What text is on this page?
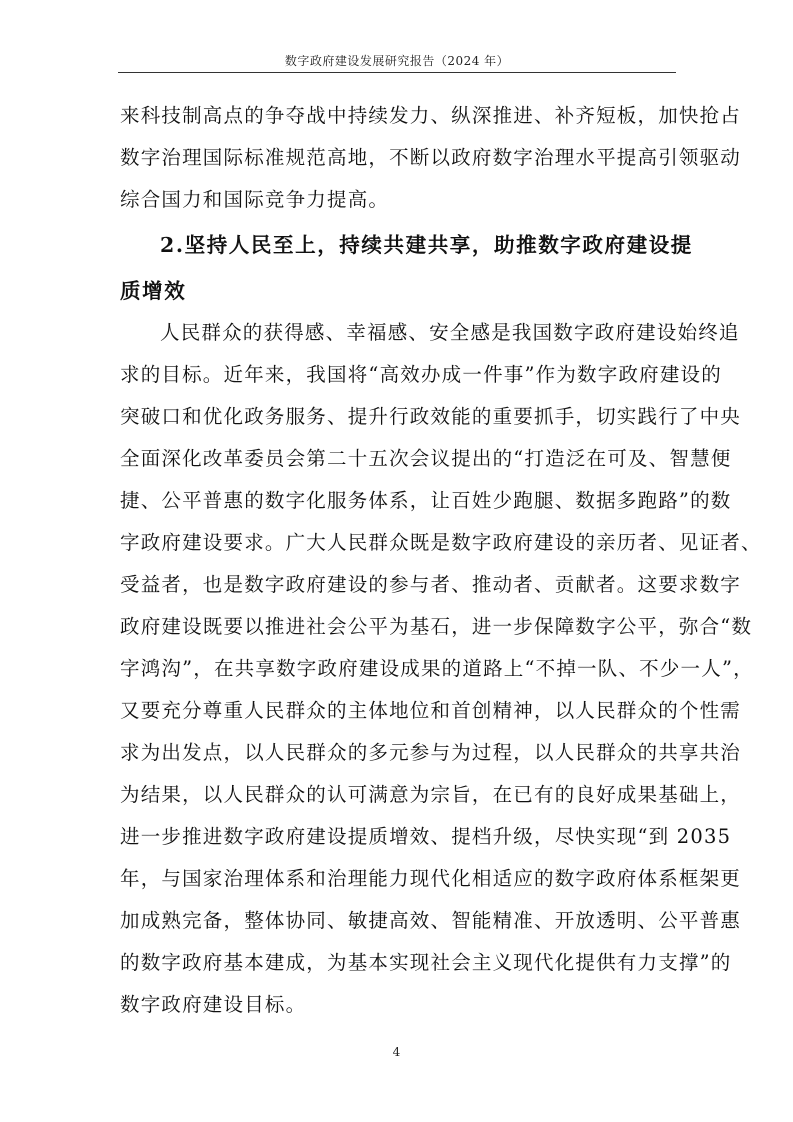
数字政府建设发展研究报告（2024 年）
来科技制高点的争夺战中持续发力、纵深推进、补齐短板，加快抢占
数字治理国际标准规范高地，不断以政府数字治理水平提高引领驱动
综合国力和国际竞争力提高。
2.坚持人民至上，持续共建共享，助推数字政府建设提
质增效
人民群众的获得感、幸福感、安全感是我国数字政府建设始终追
求的目标。近年来，我国将“高效办成一件事”作为数字政府建设的
突破口和优化政务服务、提升行政效能的重要抓手，切实践行了中央
全面深化改革委员会第二十五次会议提出的“打造泛在可及、智慧便
捷、公平普惠的数字化服务体系，让百姓少跑腿、数据多跑路”的数
字政府建设要求。广大人民群众既是数字政府建设的亲历者、见证者、
受益者，也是数字政府建设的参与者、推动者、贡献者。这要求数字
政府建设既要以推进社会公平为基石，进一步保障数字公平，弥合“数
字鸿沟”，在共享数字政府建设成果的道路上“不掉一队、不少一人”，
又要充分尊重人民群众的主体地位和首创精神，以人民群众的个性需
求为出发点，以人民群众的多元参与为过程，以人民群众的共享共治
为结果，以人民群众的认可满意为宗旨，在已有的良好成果基础上，
进一步推进数字政府建设提质增效、提档升级，尽快实现“到 2035
年，与国家治理体系和治理能力现代化相适应的数字政府体系框架更
加成熟完备，整体协同、敏捷高效、智能精准、开放透明、公平普惠
的数字政府基本建成，为基本实现社会主义现代化提供有力支撑”的
数字政府建设目标。
4
